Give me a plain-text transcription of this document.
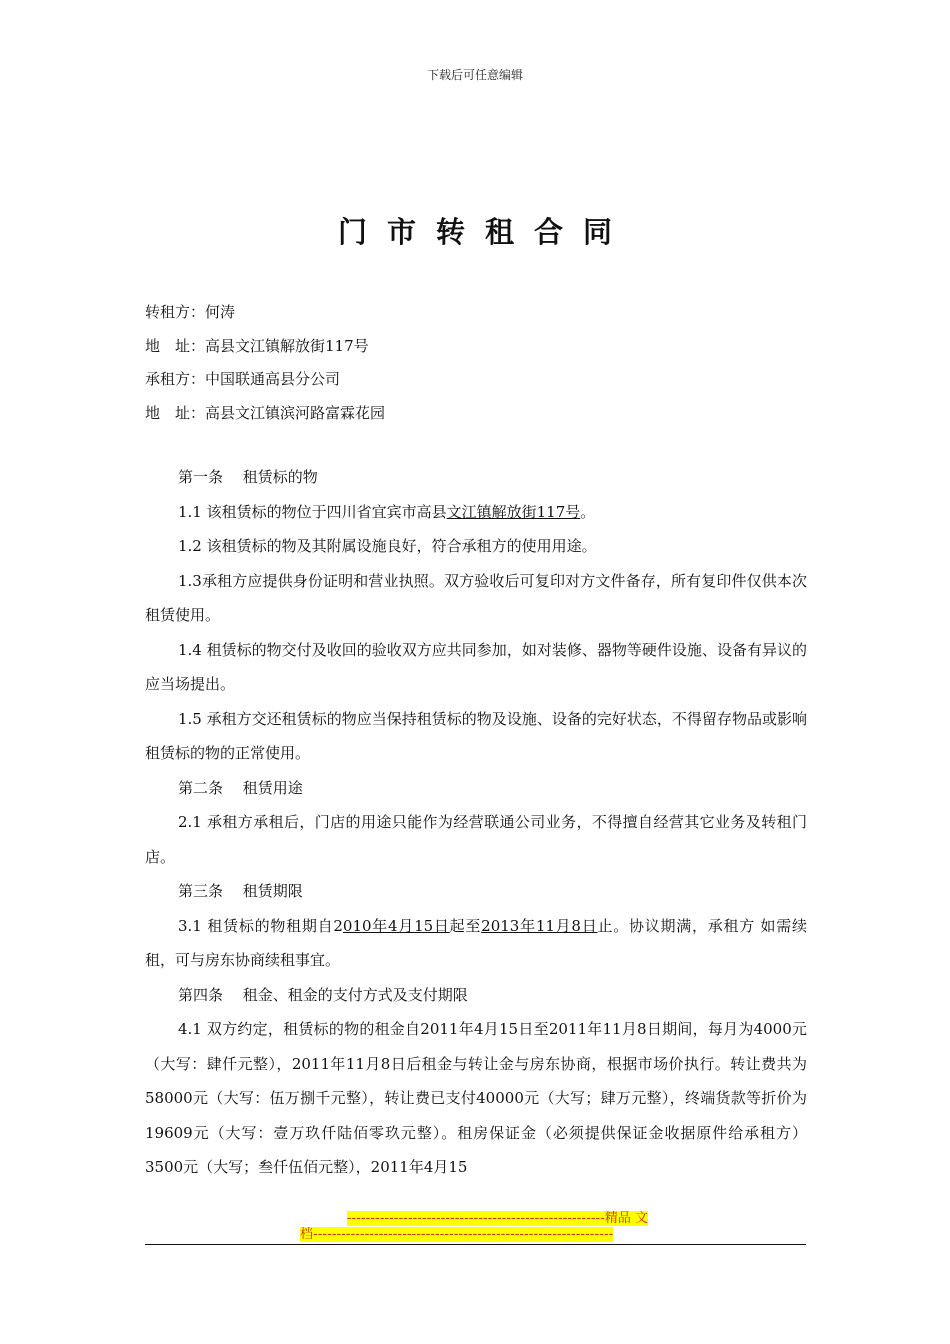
下载后可任意编辑
门市转租合同
转租方：何涛
地　址：高县文江镇解放街117号
承租方：中国联通高县分公司
地　址：高县文江镇滨河路富霖花园

第一条　 租赁标的物

1.1 该租赁标的物位于四川省宜宾市高县文江镇解放街117号。

1.2 该租赁标的物及其附属设施良好，符合承租方的使用用途。

1.3承租方应提供身份证明和营业执照。双方验收后可复印对方文件备存，所有复印件仅供本次租赁使用。

1.4 租赁标的物交付及收回的验收双方应共同参加，如对装修、器物等硬件设施、设备有异议的应当场提出。

1.5 承租方交还租赁标的物应当保持租赁标的物及设施、设备的完好状态，不得留存物品或影响租赁标的物的正常使用。

第二条　 租赁用途

2.1 承租方承租后，门店的用途只能作为经营联通公司业务，不得擅自经营其它业务及转租门店。

第三条　 租赁期限

3.1 租赁标的物租期自2010年4月15日起至2013年11月8日止。协议期满，承租方 如需续租，可与房东协商续租事宜。

第四条　 租金、租金的支付方式及支付期限

4.1 双方约定，租赁标的物的租金自2011年4月15日至2011年11月8日期间，每月为4000元（大写：肆仟元整），2011年11月8日后租金与转让金与房东协商，根据市场价执行。转让费共为58000元（大写：伍万捌千元整），转让费已支付40000元（大写；肆万元整），终端货款等折价为19609元（大写：壹万玖仟陆佰零玖元整）。租房保证金（必须提供保证金收据原件给承租方）3500元（大写；叁仟伍佰元整），2011年4月15

-------------------------------------------------------精品 文
档----------------------------------------------------------------
